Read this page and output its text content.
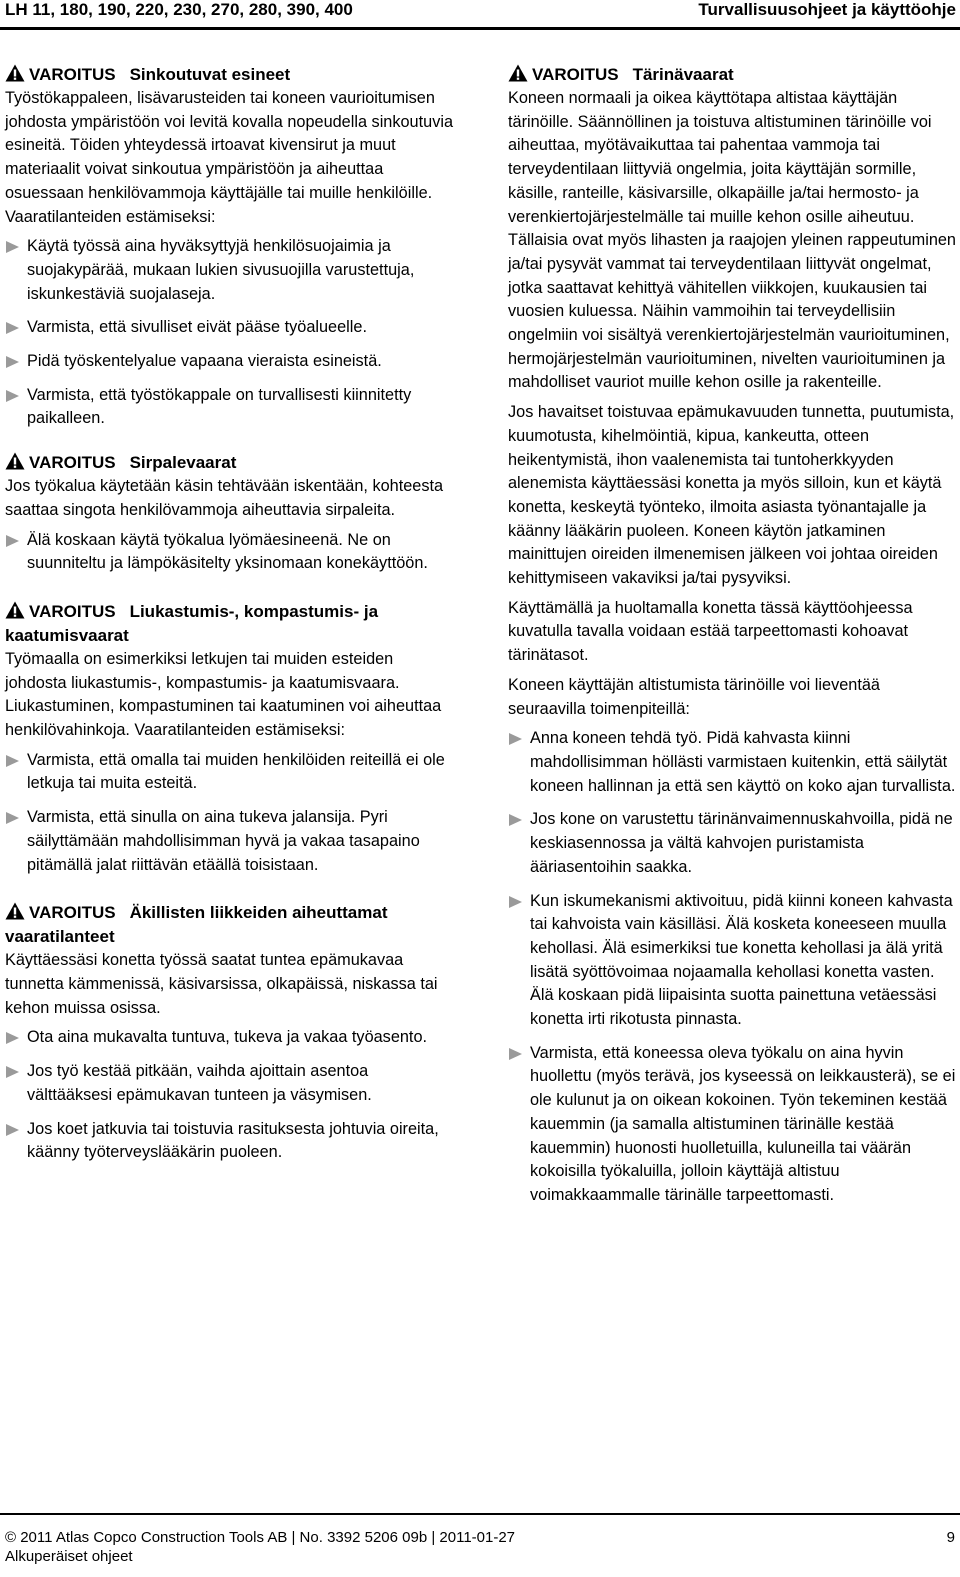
LH 11, 180, 190, 220, 230, 270, 280, 390, 400	Turvallisuusohjeet ja käyttöohje

VAROITUS Sinkoutuvat esineet

Työstökappaleen, lisävarusteiden tai koneen vaurioitumisen johdosta ympäristöön voi levitä kovalla nopeudella sinkoutuvia esineitä. Töiden yhteydessä irtoavat kivensirut ja muut materiaalit voivat sinkoutua ympäristöön ja aiheuttaa osuessaan henkilövammoja käyttäjälle tai muille henkilöille. Vaaratilanteiden estämiseksi:

Käytä työssä aina hyväksyttyjä henkilösuojaimia ja suojakypärää, mukaan lukien sivusuojilla varustettuja, iskunkestäviä suojalaseja.
Varmista, että sivulliset eivät pääse työalueelle.
Pidä työskentelyalue vapaana vieraista esineistä.
Varmista, että työstökappale on turvallisesti kiinnitetty paikalleen.

VAROITUS Sirpalevaarat

Jos työkalua käytetään käsin tehtävään iskentään, kohteesta saattaa singota henkilövammoja aiheuttavia sirpaleita.

Älä koskaan käytä työkalua lyömäesineenä. Ne on suunniteltu ja lämpökäsitelty yksinomaan konekäyttöön.

VAROITUS Liukastumis-, kompastumis- ja kaatumisvaarat

Työmaalla on esimerkiksi letkujen tai muiden esteiden johdosta liukastumis-, kompastumis- ja kaatumisvaara. Liukastuminen, kompastuminen tai kaatuminen voi aiheuttaa henkilövahinkoja. Vaaratilanteiden estämiseksi:

Varmista, että omalla tai muiden henkilöiden reiteillä ei ole letkuja tai muita esteitä.
Varmista, että sinulla on aina tukeva jalansija. Pyri säilyttämään mahdollisimman hyvä ja vakaa tasapaino pitämällä jalat riittävän etäällä toisistaan.

VAROITUS Äkillisten liikkeiden aiheuttamat vaaratilanteet

Käyttäessäsi konetta työssä saatat tuntea epämukavaa tunnetta kämmenissä, käsivarsissa, olkapäissä, niskassa tai kehon muissa osissa.

Ota aina mukavalta tuntuva, tukeva ja vakaa työasento.
Jos työ kestää pitkään, vaihda ajoittain asentoa välttääksesi epämukavan tunteen ja väsymisen.
Jos koet jatkuvia tai toistuvia rasituksesta johtuvia oireita, käänny työterveyslääkärin puoleen.

VAROITUS Tärinävaarat

Koneen normaali ja oikea käyttötapa altistaa käyttäjän tärinöille. Säännöllinen ja toistuva altistuminen tärinöille voi aiheuttaa, myötävaikuttaa tai pahentaa vammoja tai terveydentilaan liittyviä ongelmia, joita käyttäjän sormille, käsille, ranteille, käsivarsille, olkapäille ja/tai hermosto- ja verenkiertojärjestelmälle tai muille kehon osille aiheutuu. Tällaisia ovat myös lihasten ja raajojen yleinen rappeutuminen ja/tai pysyvät vammat tai terveydentilaan liittyvät ongelmat, jotka saattavat kehittyä vähitellen viikkojen, kuukausien tai vuosien kuluessa. Näihin vammoihin tai terveydellisiin ongelmiin voi sisältyä verenkiertojärjestelmän vaurioituminen, hermojärjestelmän vaurioituminen, nivelten vaurioituminen ja mahdolliset vauriot muille kehon osille ja rakenteille.

Jos havaitset toistuvaa epämukavuuden tunnetta, puutumista, kuumotusta, kihelmöintiä, kipua, kankeutta, otteen heikentymistä, ihon vaalenemista tai tuntoherkkyyden alenemista käyttäessäsi konetta ja myös silloin, kun et käytä konetta, keskeytä työnteko, ilmoita asiasta työnantajalle ja käänny lääkärin puoleen. Koneen käytön jatkaminen mainittujen oireiden ilmenemisen jälkeen voi johtaa oireiden kehittymiseen vakaviksi ja/tai pysyviksi.

Käyttämällä ja huoltamalla konetta tässä käyttöohjeessa kuvatulla tavalla voidaan estää tarpeettomasti kohoavat tärinätasot.

Koneen käyttäjän altistumista tärinöille voi lieventää seuraavilla toimenpiteillä:

Anna koneen tehdä työ. Pidä kahvasta kiinni mahdollisimman höllästi varmistaen kuitenkin, että säilytät koneen hallinnan ja että sen käyttö on koko ajan turvallista.
Jos kone on varustettu tärinänvaimennuskahvoilla, pidä ne keskiasennossa ja vältä kahvojen puristamista ääriasentoihin saakka.
Kun iskumekanismi aktivoituu, pidä kiinni koneen kahvasta tai kahvoista vain käsilläsi. Älä kosketa koneeseen muulla kehollasi. Älä esimerkiksi tue konetta kehollasi ja älä yritä lisätä syöttövoimaa nojaamalla kehollasi konetta vasten. Älä koskaan pidä liipaisinta suotta painettuna vetäessäsi konetta irti rikotusta pinnasta.
Varmista, että koneessa oleva työkalu on aina hyvin huollettu (myös terävä, jos kyseessä on leikkausterä), se ei ole kulunut ja on oikean kokoinen. Työn tekeminen kestää kauemmin (ja samalla altistuminen tärinälle kestää kauemmin) huonosti huolletuilla, kuluneilla tai väärän kokoisilla työkaluilla, jolloin käyttäjä altistuu voimakkaammalle tärinälle tarpeettomasti.
© 2011 Atlas Copco Construction Tools AB | No. 3392 5206 09b | 2011-01-27
Alkuperäiset ohjeet
9
